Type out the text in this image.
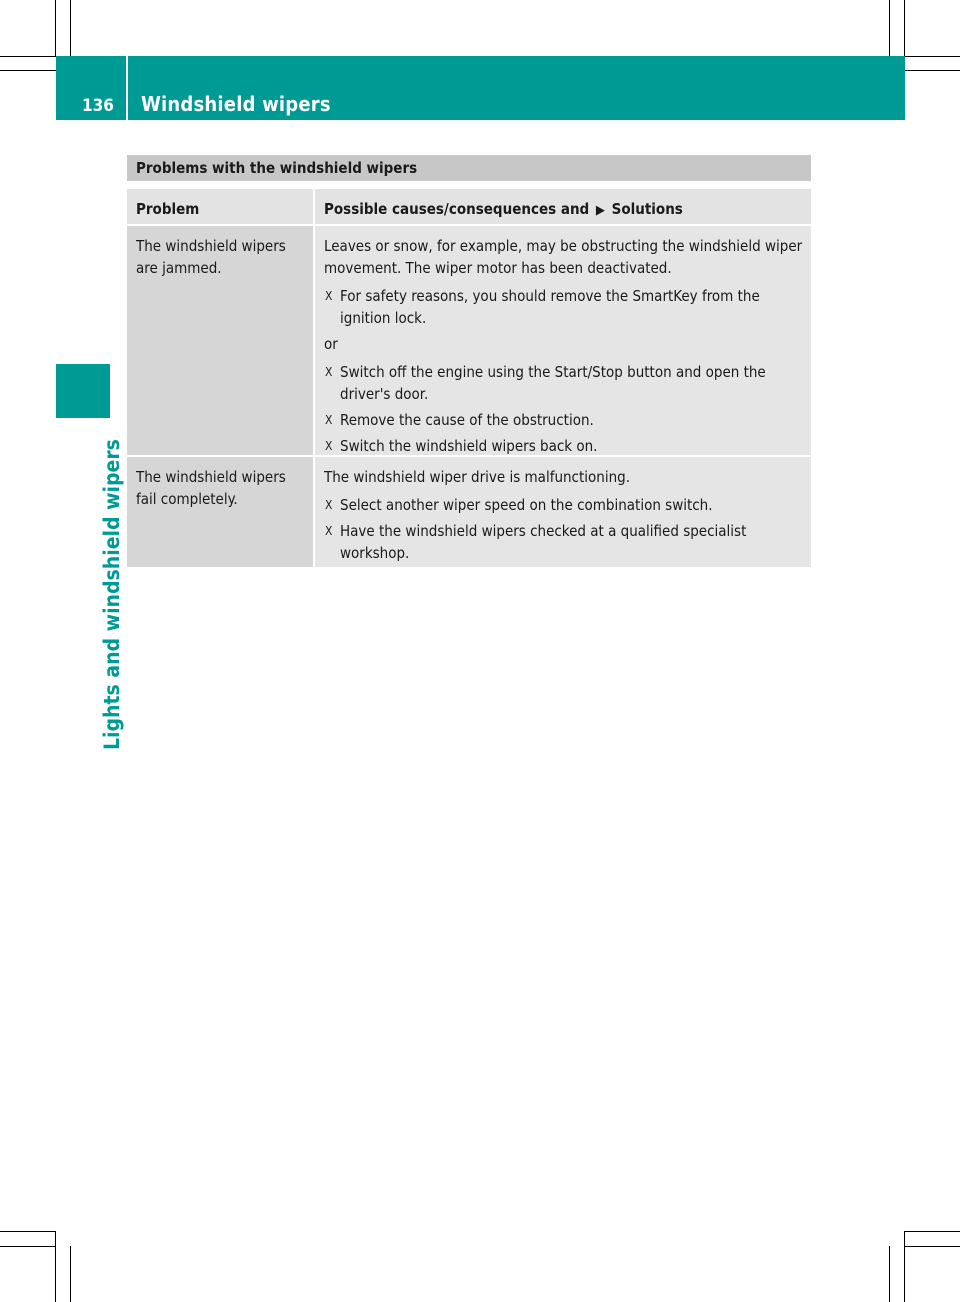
136 Windshield wipers
Lights and windshield wipers
Problems with the windshield wipers
Problem	Possible causes/consequences and ▶ Solutions
The windshield wipers are jammed.

Leaves or snow, for example, may be obstructing the windshield wiper movement. The wiper motor has been deactivated.

X For safety reasons, you should remove the SmartKey from the ignition lock.

or

X Switch off the engine using the Start/Stop button and open the driver's door.
X Remove the cause of the obstruction.
X Switch the windshield wipers back on.
The windshield wipers fail completely.

The windshield wiper drive is malfunctioning.

X Select another wiper speed on the combination switch.
X Have the windshield wipers checked at a qualified specialist workshop.
